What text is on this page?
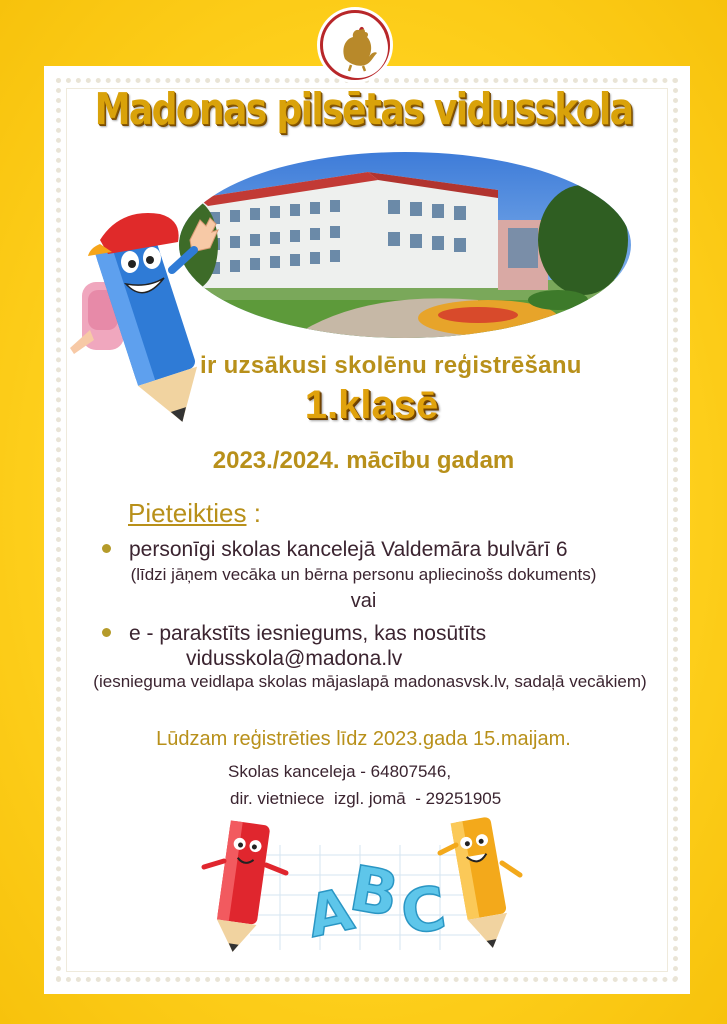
Madonas pilsētas vidusskola
ir uzsākusi skolēnu reģistrēšanu
1.klasē
2023./2024. mācību gadam
Pieteikties :
personīgi skolas kancelejā Valdemāra bulvārī 6
(līdzi jāņem vecāka un bērna personu apliecinošs dokuments)
vai
e - parakstīts iesniegums, kas nosūtīts
vidusskola@madona.lv
(iesnieguma veidlapa skolas mājaslapā madonasvsk.lv, sadaļā vecākiem)
Lūdzam reģistrēties līdz 2023.gada 15.maijam.
Skolas kanceleja - 64807546,
dir. vietniece  izgl. jomā  - 29251905
A
B
C
